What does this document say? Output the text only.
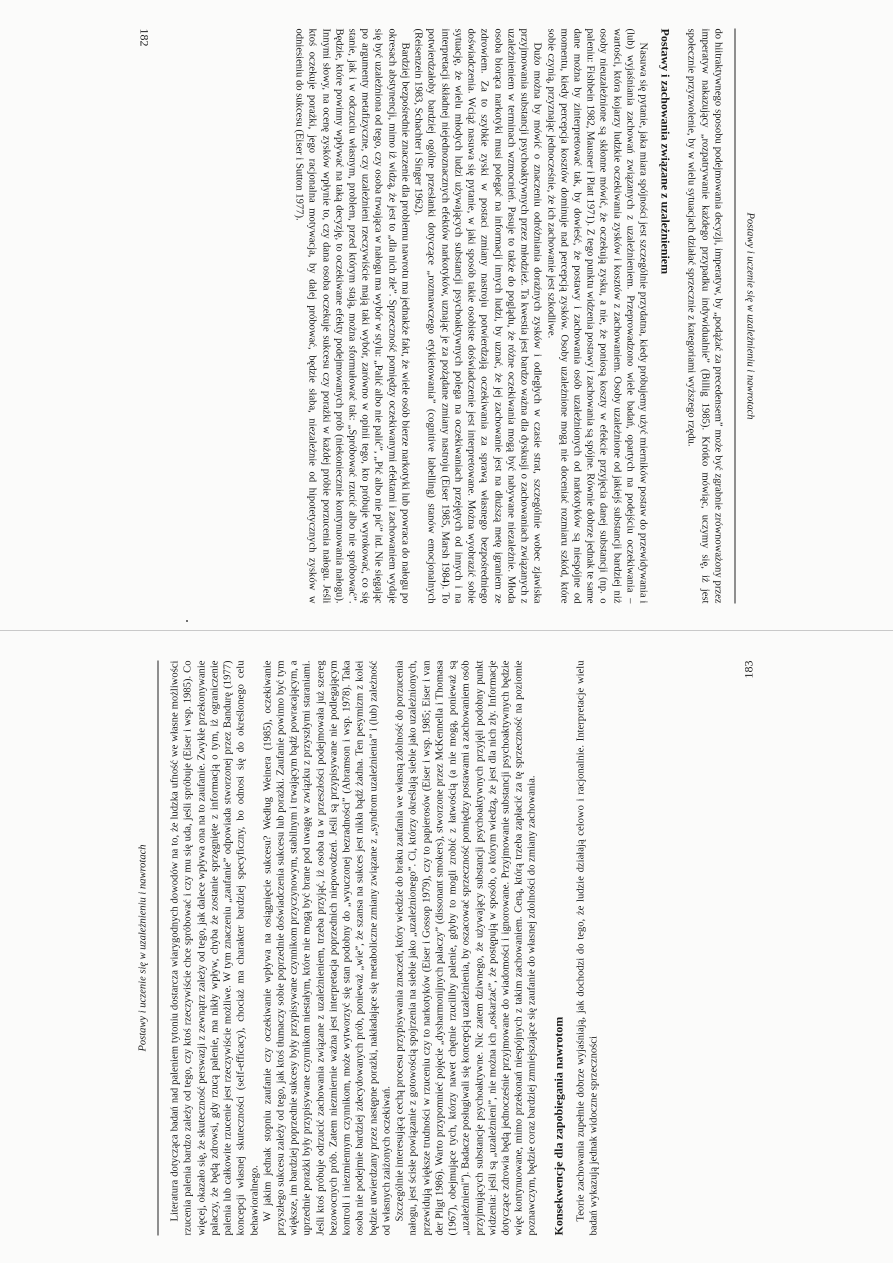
Postawy i uczenie się w uzależnieniu i nawrotach

do hiitraktywnego sposobu podejmowania decyzji, imperatyw, by „podążać za precedensem” może być zgrabnie zrównoważony przez imperatyw nakazujący „rozpatrywanie każdego przypadku indywidualnie” (Billig 1985). Krótko mówiąc, uczymy się, iż jest społecznie przyzwolenie, by w wielu sytuacjach działać sprzecznie z kategoriami wyższego rzędu.

Postawy i zachowania związane z uzależnieniem

Nasuwa się pytanie, jaka miara spójności jest szczególnie przydatna, kiedy próbujemy użyć mierników postaw do przewidywania i (lub) wyjaśniania zachowań związanych z uzależnieniem. Przeprowadzono wiele badań, opartych na podejściu oczekiwania – wartości, która kojarzy ludzkie oczekiwania zysków i kosztów z zachowaniem. Osoby uzależnione od jakiejś substancji bardziej niż osoby nieuzależnione są skłonne mówić, że oczekują zysku, a nie, że poniosą koszty w efekcie przyjęcia danej substancji (np. o paleniu: Fishbein 1982, Mausner i Platt 1971). Z tego punktu widzenia postawy i zachowania są spójne. Równie dobrze jednak te same dane można by zinterpretować tak, by dowieść, że postawy i zachowania osób uzależnionych od narkotyków są niespójne od momentu, kiedy percepcja kosztów dominuje nad percepcją zysków. Osoby uzależnione mogą nie doceniać rozmiaru szkód, które sobie czynią, przyznając jednocześnie, że ich zachowanie jest szkodliwe.

Dużo można by mówić o znaczeniu odróżniania doraźnych zysków i odległych w czasie strat, szczególnie wobec zjawiska przyjmowania substancji psychoaktywnych przez młodzież. Ta kwestia jest bardzo ważna dla dyskusji o zachowaniach związanych z uzależnieniem w terminach wzmocnień. Pasuje to także do poglądu, że różne oczekiwania mogą być nabywane niezależnie. Młoda osoba biorąca narkotyki musi polegać na informacji innych ludzi, by uznać, że jej zachowanie jest na dłuższą metę igraniem ze zdrowiem. Za to szybkie zyski w postaci zmiany nastroju potwierdzają oczekiwania za sprawą własnego bezpośredniego doświadczenia. Wciąż nasuwa się pytanie, w jaki sposób takie osobiste doświadczenie jest interpretowane. Można wyobrazić sobie sytuację, że wielu młodych ludzi używających substancji psychoaktywnych polega na oczekiwaniach przejętych od innych i na interpretacji składnej niejednoznacznych efektów narkotyków, uznając je za pożądane zmiany nastroju (Eiser 1985, Marsh 1984). To potwierdzałoby bardziej ogólne przesłanki dotyczące „rozmawczego etykietowania” (cognitive labelling) stanów emocjonalnych (Reisenzein 1983, Schachter i Singer 1962).

Bardziej bezpośrednie znaczenie dla problemu nawrotu ma jednakże fakt, że wiele osób bierze narkotyki lub powraca do nałogu po okresach abstynencji, mimo iż widzą, że jest to „dla nich złe”. Sprzeczność pomiędzy oczekiwanymi efektami i zachowaniem wydaje się być uzależniona od tego, czy osoba trwająca w nałogu ma wybór w stylu: „Palić albo nie palić”, „Pić albo nie pić” itd. Nie sięgając po argumenty metafizyczne, czy uzależnieni rzeczywiście mają taki wybór, zarówno w opinii tego, kto próbuje wyrokować, co się stanie, jak i w odczuciu własnym, problem, przed którym stają, można sformułować tak: „Spróbować rzucić albo nie spróbować”. Będzie, które powinny wpływać na taką decyzję, to oczekiwane efekty podejmowanych prób (niekoniecznie kontynuowania nałogu). Innymi słowy, na ocenę zysków wpłynie to, czy dana osoba oczekuje sukcesu czy porażki w każdej próbie porzucenia nałogu. Jeśli ktoś oczekuje porażki, jego racjonalna motywacja, by dalej próbować, będzie słaba, niezależnie od hipotetycznych zysków w odniesieniu do sukcesu (Eiser i Sutton 1977).

182
Postawy i uczenie się w uzależnieniu i nawrotach Literatura dotycząca badań nad paleniem tytoniu dostarcza wiarygodnych dowodów na to, że ludzka ufność we własne możliwości rzucenia palenia bardzo zależy od tego, czy ktoś rzeczywiście chce spróbować i czy mu się uda, jeśli spróbuje (Eiser i wsp. 1985). Co więcej, okazało się, że skuteczność perswazji z zewnątrz zależy od tego, jak dalece wpływa ona na to zaufanie. Zwykłe przekonywanie palaczy, że będą zdrowsi, gdy rzucą palenie, ma nikły wpływ, chyba że zostanie sprzęgnięte z informacją o tym, iż ograniczenie palenia lub całkowite rzucenie jest rzeczywiście możliwe. W tym znaczeniu „zaufanie” odpowiada stworzonej przez Bandurę (1977) koncepcji własnej skuteczności (self-efficacy), chociaż ma charakter bardziej specyficzny, bo odnosi się do określonego celu behawioralnego. W jakim jednak stopniu zaufanie czy oczekiwanie wpływa na osiągnięcie sukcesu? Według Weinera (1985), oczekiwanie przyszłego sukcesu zależy od tego, jak ktoś tłumaczy sobie poprzednie doświadczenia sukcesu lub porażki. Zaufanie powinno być tym większe, im bardziej poprzednie sukcesy były przypisywane czynnikom przyczynowym, stabilnym i trwającym bądź powracającym, a uprzednie porażki były przypisywane czynnikom niestałym, które nie mogą być brane pod uwagę w związku z przyszłymi staraniami. Jeśli ktoś próbuje odrzucić zachowania związane z uzależnieniem, trzeba przyjąć, iż osoba ta w przeszłości podejmowała już szereg bezowocnych prób. Zatem niezmiernie ważna jest interpretacja poprzednich niepowodzeń. Jeśli są przypisywane nie podlegającym kontroli i niezmiennym czynnikom, może wytworzyć się stan podobny do „wyuczonej bezradności” (Abramson i wsp. 1978). Taka osoba nie podejmie bardziej zdecydowanych prób, ponieważ „wie”, że szansa na sukces jest nikła bądź żadna. Ten pesymizm z kolei będzie utwierdzany przez następne porażki, nakładające się metaboliczne zmiany związane z „syndrom uzależnienia” i (lub) zależność od własnych zaiżonych oczekiwań. Szczególnie interesującą cechą procesu przypisywania znaczeń, który wiedzie do braku zaufania we własną zdolność do porzucenia nałogu, jest ścisłe powiązanie z gotowością spojrzenia na siebie jako „uzależnionego”. Ci, którzy określają siebie jako uzależnionych, przewidują większe trudności w rzuceniu czy to narkotyków (Eiser i Gossop 1979), czy to papierosów (Eiser i wsp. 1985; Eiser i van der Pligt 1986). Warto przypomnieć pojęcie „dysharmonijnych palaczy” (dissonant smokers), stworzone przez McKennella i Thomasa (1967), obejmujące tych, którzy nawet chętnie rzuciliby palenie, gdyby to mogli zrobić z łatwością (a nie mogą, ponieważ są „uzależnieni”). Badacze posługiwali się koncepcją uzależnienia, by oszacować sprzeczność pomiędzy postawami a zachowaniem osób przyjmujących substancje psychoaktywne. Nic zatem dziwnego, że używający substancji psychoaktywnych przyjęli podobny punkt widzenia: jeśli są „uzależnieni”, nie można ich „oskarżać”, że postępują w sposób, o którym wiedzą, że jest dla nich zły. Informacje dotyczące zdrowia będą jednocześnie przyjmowane do wiadomości i ignorowane. Przyjmowanie substancji psychoaktywnych będzie więc kontynuowane, mimo przekonań niespójnych z takim zachowaniem. Ceną, którą trzeba zapłacić za tę sprzeczność na poziomie poznawczym, będzie coraz bardziej zmniejszające się zaufanie do własnej zdolności do zmiany zachowania. Konsekwencje dla zapobiegania nawrotom Teorie zachowania zupełnie dobrze wyjaśniają, jak dochodzi do tego, że ludzie działają celowo i racjonalnie. Interpretacje wielu badań wykazują jednak widoczne sprzeczności

183
